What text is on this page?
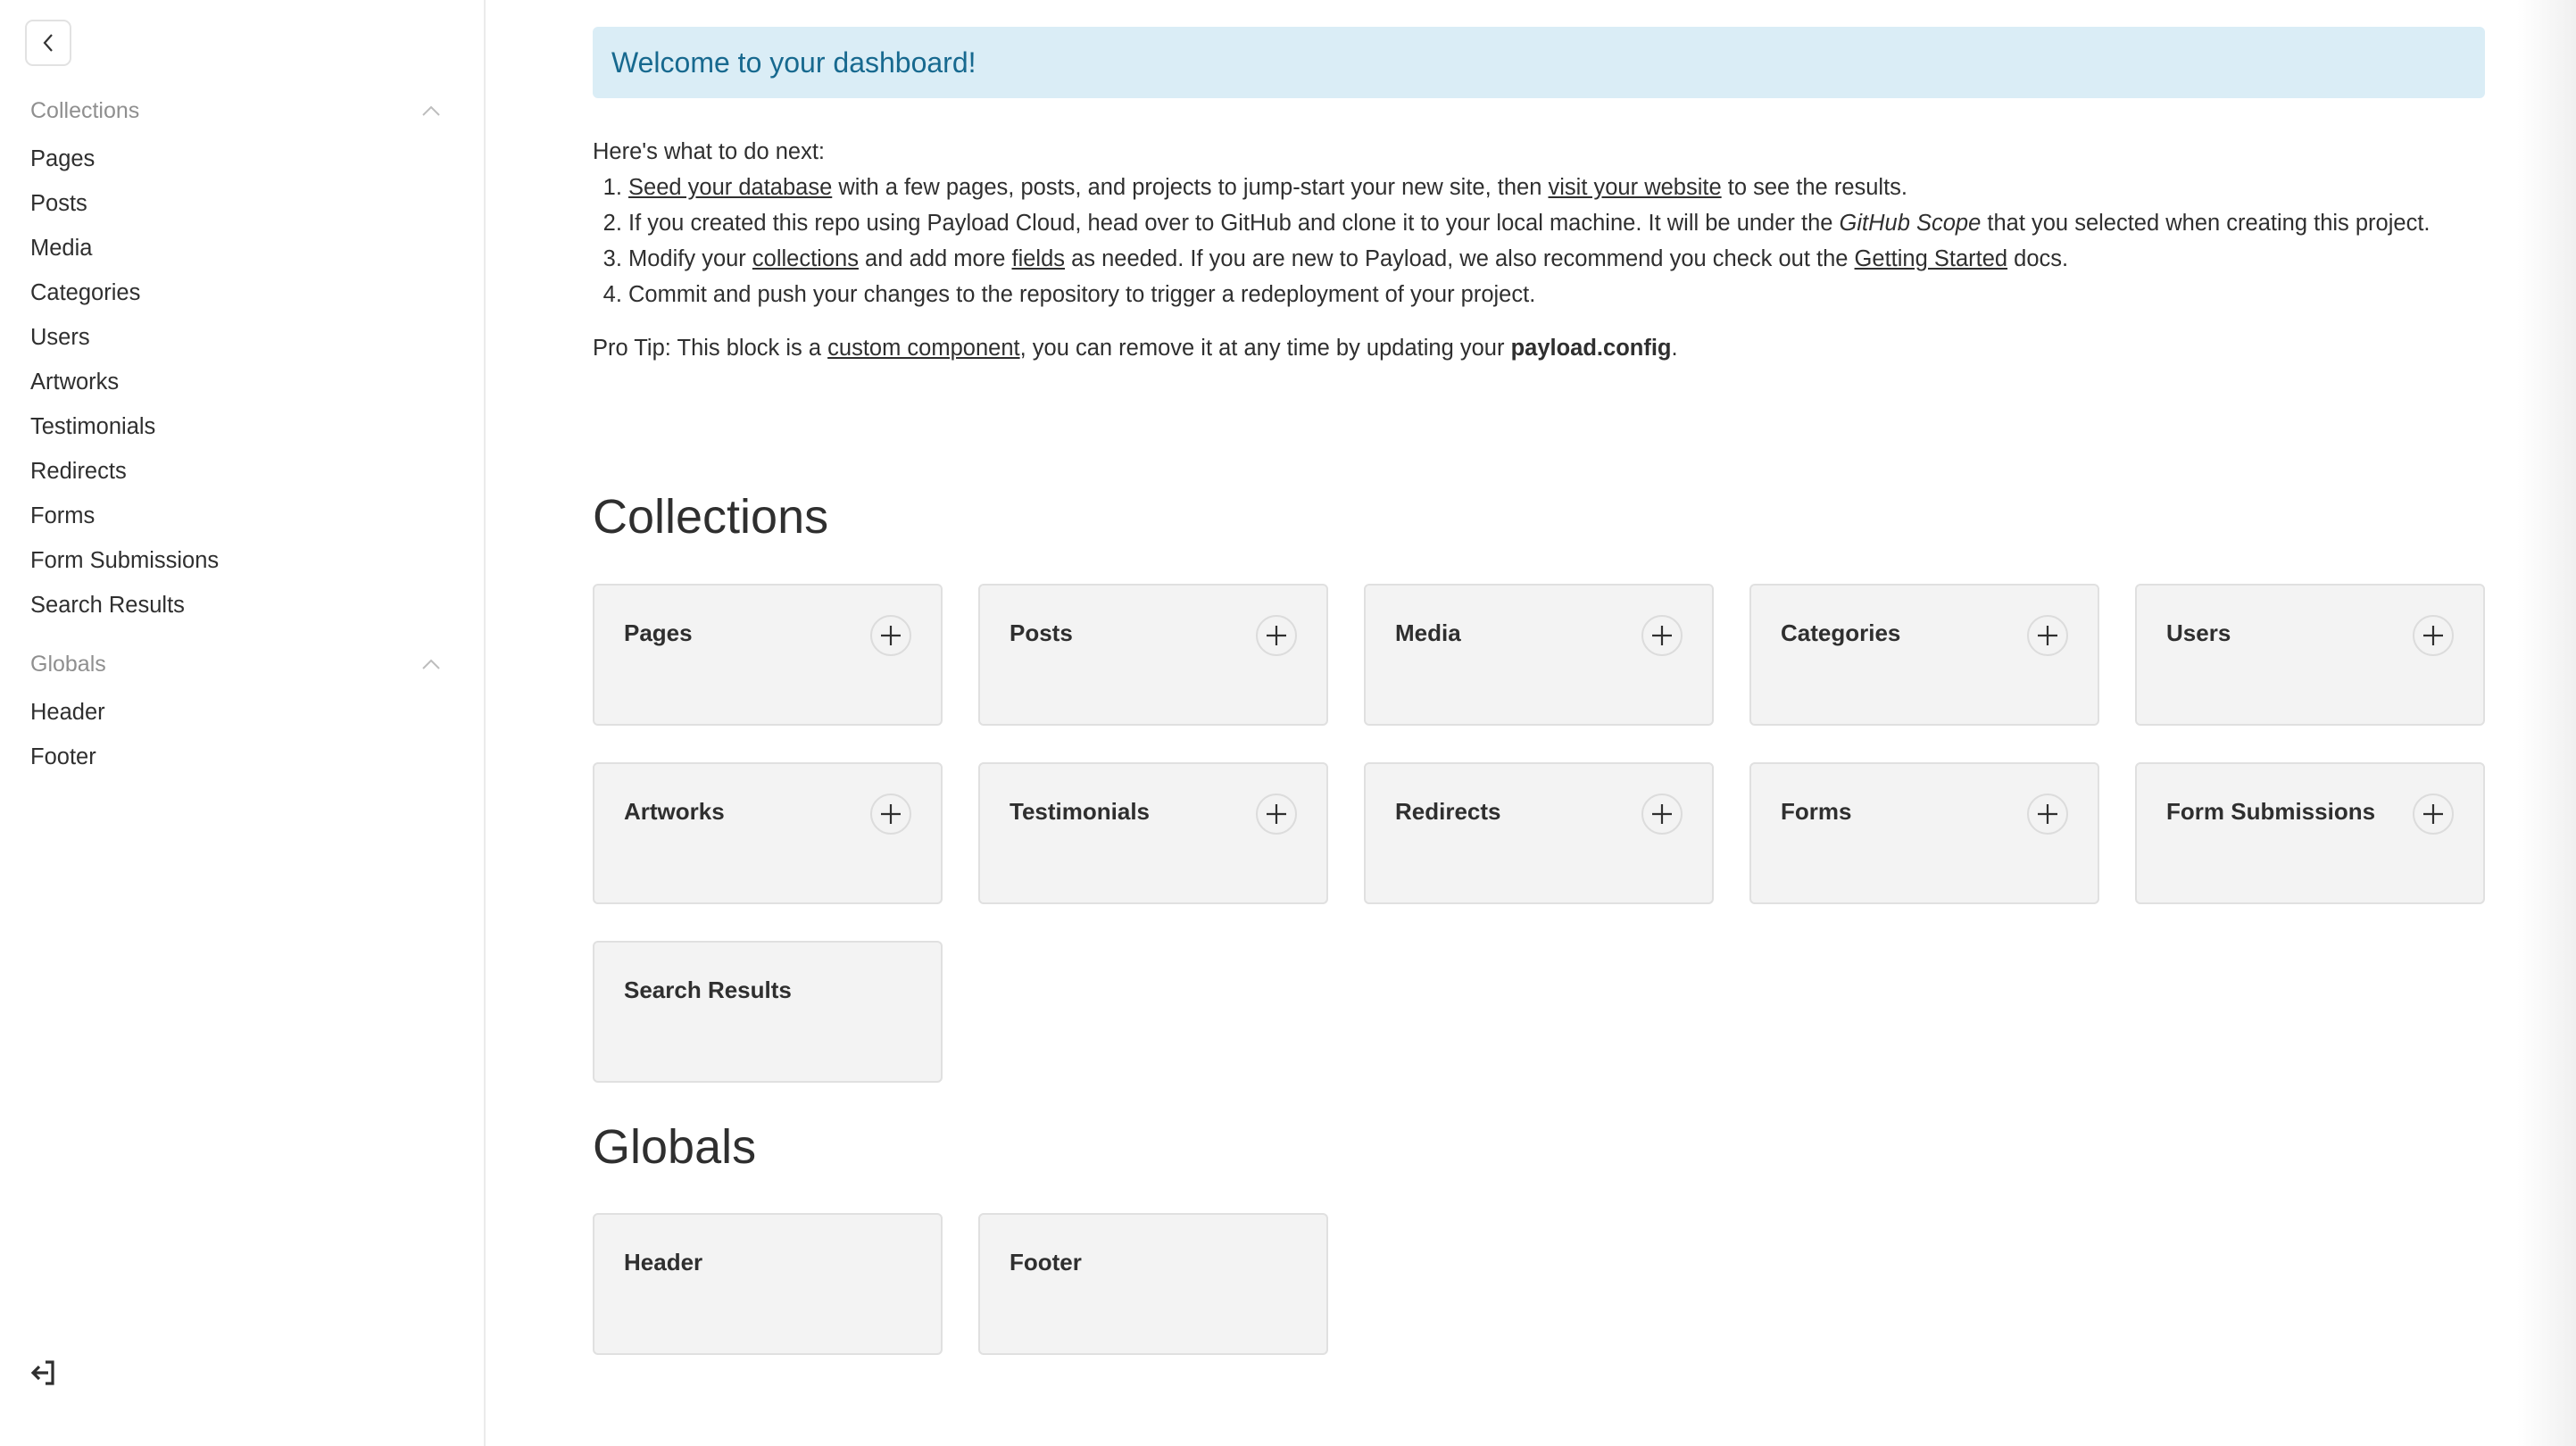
Collections
Pages
Posts
Media
Categories
Users
Artworks
Testimonials
Redirects
Forms
Form Submissions
Search Results
Globals
Header
Footer
Welcome to your dashboard!

Here's what to do next:

1. Seed your database with a few pages, posts, and projects to jump-start your new site, then visit your website to see the results.
2. If you created this repo using Payload Cloud, head over to GitHub and clone it to your local machine. It will be under the GitHub Scope that you selected when creating this project.
3. Modify your collections and add more fields as needed. If you are new to Payload, we also recommend you check out the Getting Started docs.
4. Commit and push your changes to the repository to trigger a redeployment of your project.

Pro Tip: This block is a custom component, you can remove it at any time by updating your payload.config.

Collections
Pages	Posts	Media	Categories	Users
Artworks	Testimonials	Redirects	Forms	Form Submissions
Search Results
Globals
Header	Footer
